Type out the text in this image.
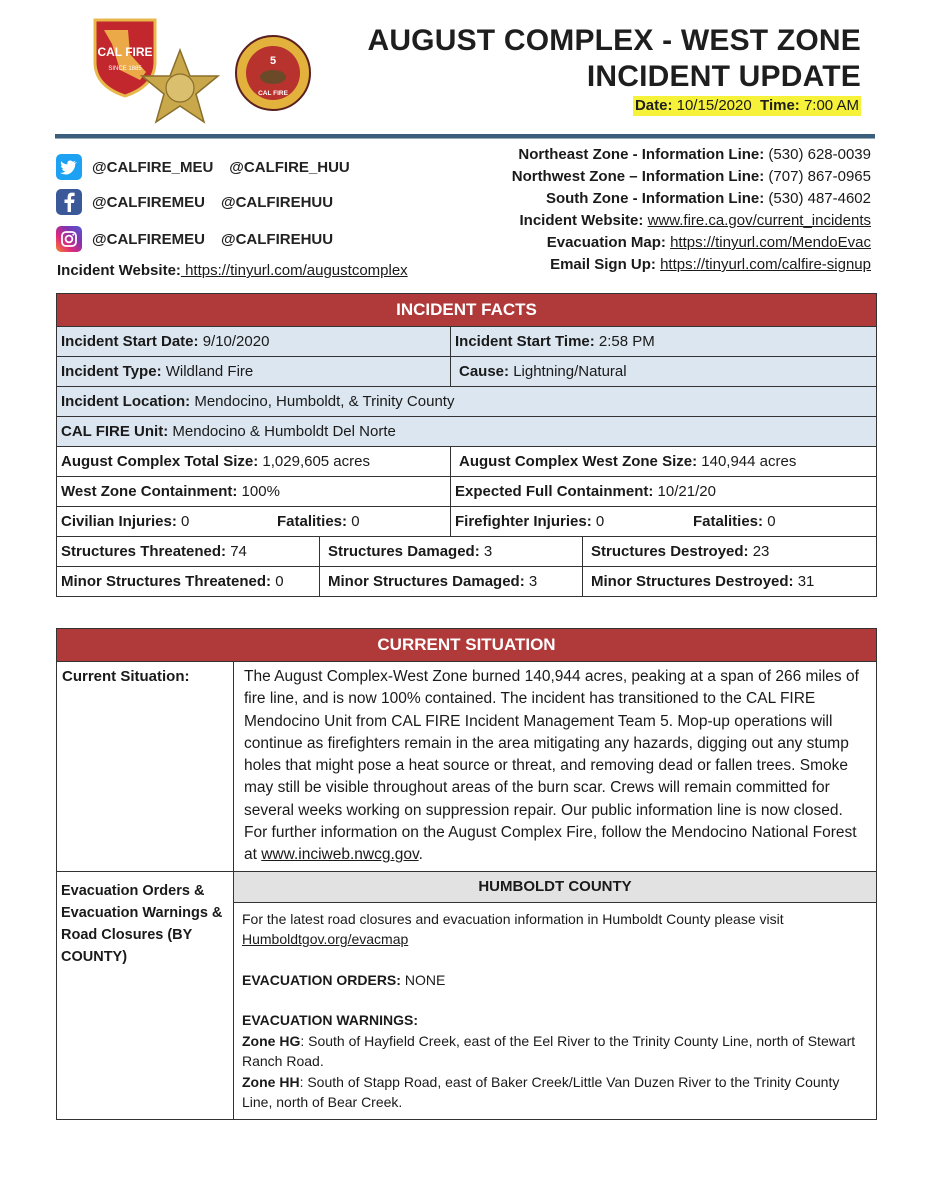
CAL FIRE
SINCE 1885
5
CAL FIRE
AUGUST COMPLEX - WEST ZONE
INCIDENT UPDATE
Date: 10/15/2020 Time: 7:00 AM
@CALFIRE_MEU @CALFIRE_HUU
@CALFIREMEU @CALFIREHUU
@CALFIREMEU @CALFIREHUU
Incident Website: https://tinyurl.com/augustcomplex
Northeast Zone - Information Line: (530) 628-0039
Northwest Zone – Information Line: (707) 867-0965
South Zone - Information Line: (530) 487-4602
Incident Website: www.fire.ca.gov/current_incidents
Evacuation Map: https://tinyurl.com/MendoEvac
Email Sign Up: https://tinyurl.com/calfire-signup
INCIDENT FACTS			
Incident Start Date: 9/10/2020		Incident Start Time: 2:58 PM	
Incident Type: Wildland Fire		Cause: Lightning/Natural	
Incident Location: Mendocino, Humboldt, & Trinity County			
CAL FIRE Unit: Mendocino & Humboldt Del Norte			
August Complex Total Size: 1,029,605 acres		August Complex West Zone Size: 140,944 acres	
West Zone Containment: 100%		Expected Full Containment: 10/21/20	
Civilian Injuries: 0 Fatalities: 0		Firefighter Injuries: 0 Fatalities: 0	
Structures Threatened: 74	Structures Damaged: 3		Structures Destroyed: 23
Minor Structures Threatened: 0	Minor Structures Damaged: 3		Minor Structures Destroyed: 31
CURRENT SITUATION	
Current Situation:	The August Complex-West Zone burned 140,944 acres, peaking at a span of 266 miles of fire line, and is now 100% contained. The incident has transitioned to the CAL FIRE Mendocino Unit from CAL FIRE Incident Management Team 5. Mop-up operations will continue as firefighters remain in the area mitigating any hazards, digging out any stump holes that might pose a heat source or threat, and removing dead or fallen trees. Smoke may still be visible throughout areas of the burn scar. Crews will remain committed for several weeks working on suppression repair. Our public information line is now closed. For further information on the August Complex Fire, follow the Mendocino National Forest at www.inciweb.nwcg.gov.

Evacuation Orders & Evacuation Warnings & Road Closures (BY COUNTY)	HUMBOLDT COUNTY

	For the latest road closures and evacuation information in Humboldt County please visit Humboldtgov.org/evacmap
EVACUATION ORDERS: NONE
EVACUATION WARNINGS:
Zone HG: South of Hayfield Creek, east of the Eel River to the Trinity County Line, north of Stewart Ranch Road.
Zone HH: South of Stapp Road, east of Baker Creek/Little Van Duzen River to the Trinity County Line, north of Bear Creek.
